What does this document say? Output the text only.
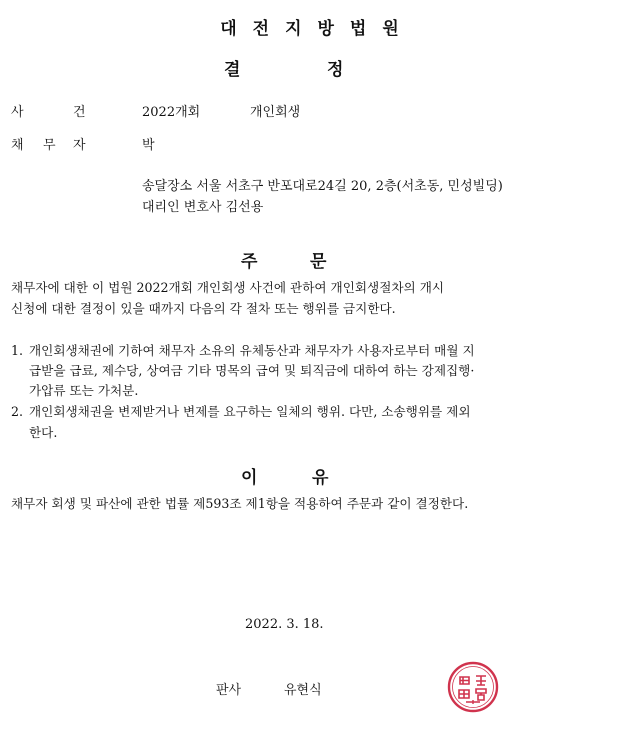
대전지방법원
결	정
사	건	2022개회	개인회생
채 무 자	박
송달장소 서울 서초구 반포대로24길 20, 2층(서초동, 민성빌딩)
대리인 변호사 김선용
주	문
채무자에 대한 이 법원 2022개회 개인회생 사건에 관하여 개인회생절차의 개시
신청에 대한 결정이 있을 때까지 다음의 각 절차 또는 행위를 금지한다.
1. 개인회생채권에 기하여 채무자 소유의 유체동산과 채무자가 사용자로부터 매월 지
급받을 급료, 제수당, 상여금 기타 명목의 급여 및 퇴직금에 대하여 하는 강제집행·
가압류 또는 가처분.
2. 개인회생채권을 변제받거나 변제를 요구하는 일체의 행위. 다만, 소송행위를 제외
한다.
이	유
채무자 회생 및 파산에 관한 법률 제593조 제1항을 적용하여 주문과 같이 결정한다.
2022. 3. 18.
판사	유현식
